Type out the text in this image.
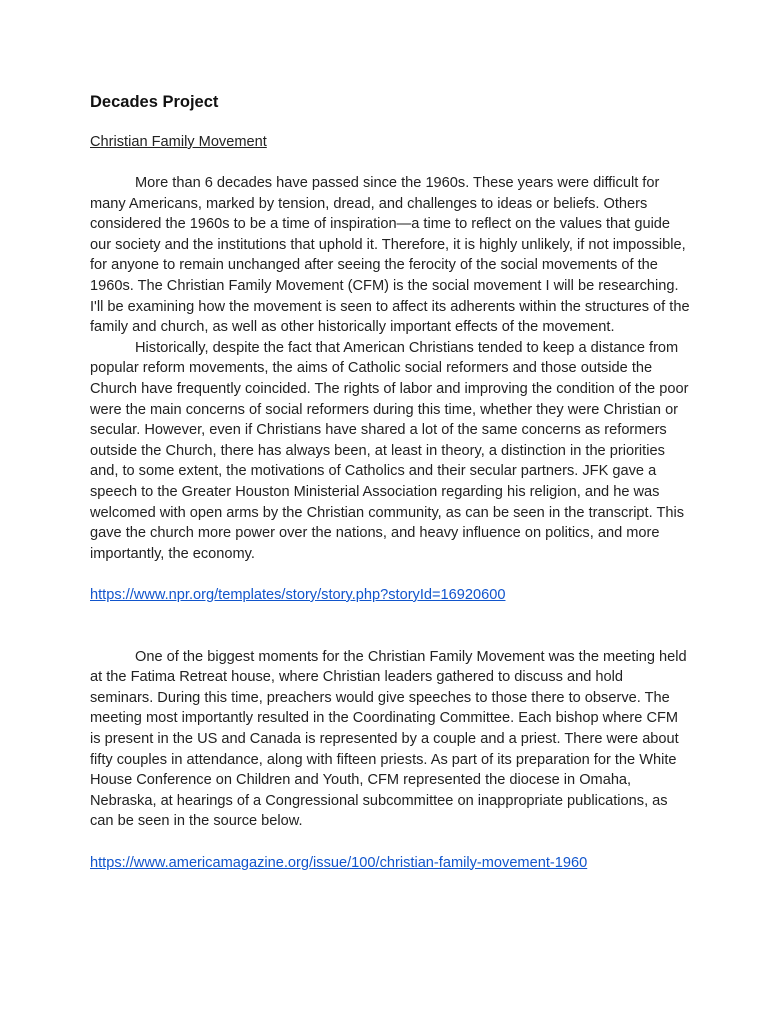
Decades Project
Christian Family Movement

More than 6 decades have passed since the 1960s. These years were difficult for many Americans, marked by tension, dread, and challenges to ideas or beliefs. Others considered the 1960s to be a time of inspiration—a time to reflect on the values that guide our society and the institutions that uphold it. Therefore, it is highly unlikely, if not impossible, for anyone to remain unchanged after seeing the ferocity of the social movements of the 1960s. The Christian Family Movement (CFM) is the social movement I will be researching. I'll be examining how the movement is seen to affect its adherents within the structures of the family and church, as well as other historically important effects of the movement.

Historically, despite the fact that American Christians tended to keep a distance from popular reform movements, the aims of Catholic social reformers and those outside the Church have frequently coincided. The rights of labor and improving the condition of the poor were the main concerns of social reformers during this time, whether they were Christian or secular. However, even if Christians have shared a lot of the same concerns as reformers outside the Church, there has always been, at least in theory, a distinction in the priorities and, to some extent, the motivations of Catholics and their secular partners. JFK gave a speech to the Greater Houston Ministerial Association regarding his religion, and he was welcomed with open arms by the Christian community, as can be seen in the transcript. This gave the church more power over the nations, and heavy influence on politics, and more importantly, the economy.

https://www.npr.org/templates/story/story.php?storyId=16920600

One of the biggest moments for the Christian Family Movement was the meeting held at the Fatima Retreat house, where Christian leaders gathered to discuss and hold seminars. During this time, preachers would give speeches to those there to observe. The meeting most importantly resulted in the Coordinating Committee. Each bishop where CFM is present in the US and Canada is represented by a couple and a priest. There were about fifty couples in attendance, along with fifteen priests. As part of its preparation for the White House Conference on Children and Youth, CFM represented the diocese in Omaha, Nebraska, at hearings of a Congressional subcommittee on inappropriate publications, as can be seen in the source below.

https://www.americamagazine.org/issue/100/christian-family-movement-1960
